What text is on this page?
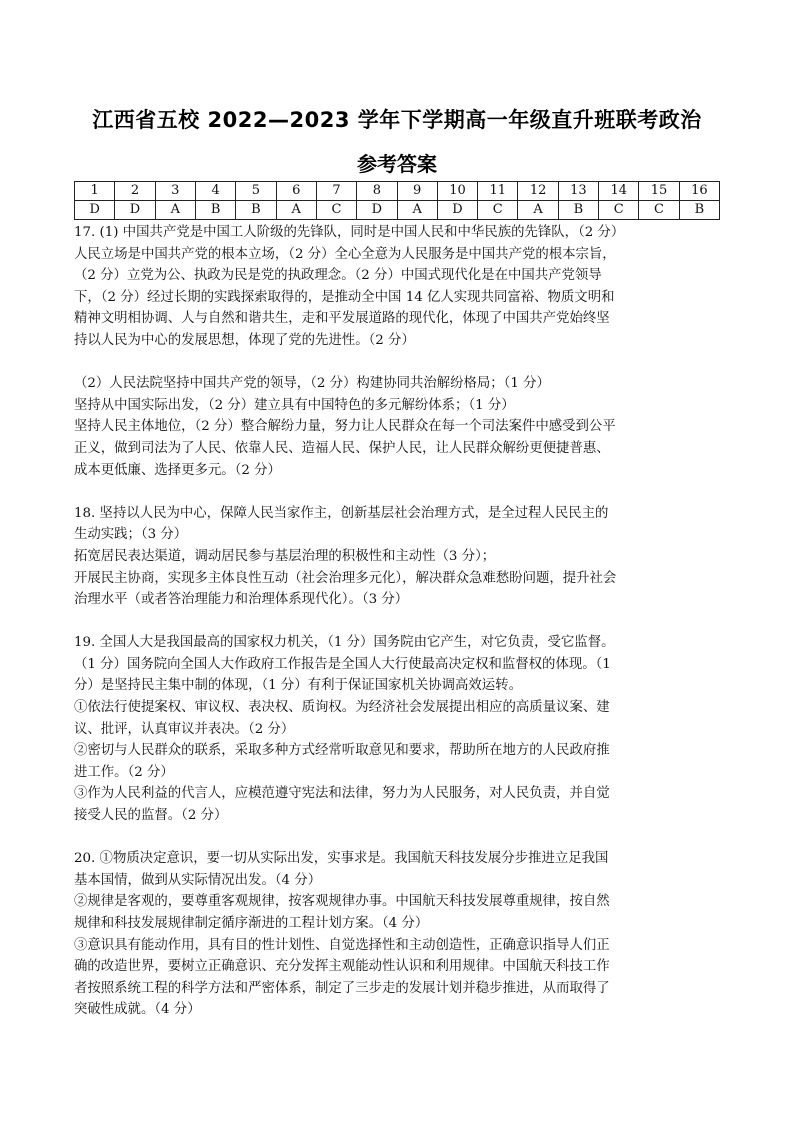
江西省五校 2022—2023 学年下学期高一年级直升班联考政治
参考答案
1	2	3	4	5	6	7	8	9	10	11	12	13	14	15	16
D	D	A	B	B	A	C	D	A	D	C	A	B	C	C	B
17. (1) 中国共产党是中国工人阶级的先锋队，同时是中国人民和中华民族的先锋队，（2 分）
人民立场是中国共产党的根本立场，（2 分）全心全意为人民服务是中国共产党的根本宗旨，
（2 分）立党为公、执政为民是党的执政理念。（2 分）中国式现代化是在中国共产党领导
下，（2 分）经过长期的实践探索取得的，是推动全中国 14 亿人实现共同富裕、物质文明和
精神文明相协调、人与自然和谐共生，走和平发展道路的现代化，体现了中国共产党始终坚
持以人民为中心的发展思想，体现了党的先进性。（2 分）
（2）人民法院坚持中国共产党的领导，（2 分）构建协同共治解纷格局；（1 分）
坚持从中国实际出发，（2 分）建立具有中国特色的多元解纷体系；（1 分）
坚持人民主体地位，（2 分）整合解纷力量，努力让人民群众在每一个司法案件中感受到公平
正义，做到司法为了人民、依靠人民、造福人民、保护人民，让人民群众解纷更便捷普惠、
成本更低廉、选择更多元。（2 分）
18. 坚持以人民为中心，保障人民当家作主，创新基层社会治理方式，是全过程人民民主的
生动实践；（3 分）
拓宽居民表达渠道，调动居民参与基层治理的积极性和主动性（3 分）；
开展民主协商，实现多主体良性互动（社会治理多元化），解决群众急难愁盼问题，提升社会
治理水平（或者答治理能力和治理体系现代化）。（3 分）
19. 全国人大是我国最高的国家权力机关，（1 分）国务院由它产生，对它负责，受它监督。
（1 分）国务院向全国人大作政府工作报告是全国人大行使最高决定权和监督权的体现。（1
分）是坚持民主集中制的体现，（1 分）有利于保证国家机关协调高效运转。
①依法行使提案权、审议权、表决权、质询权。为经济社会发展提出相应的高质量议案、建
议、批评，认真审议并表决。（2 分）
②密切与人民群众的联系，采取多种方式经常听取意见和要求，帮助所在地方的人民政府推
进工作。（2 分）
③作为人民利益的代言人，应模范遵守宪法和法律，努力为人民服务，对人民负责，并自觉
接受人民的监督。（2 分）
20. ①物质决定意识，要一切从实际出发，实事求是。我国航天科技发展分步推进立足我国
基本国情，做到从实际情况出发。（4 分）
②规律是客观的，要尊重客观规律，按客观规律办事。中国航天科技发展尊重规律，按自然
规律和科技发展规律制定循序渐进的工程计划方案。（4 分）
③意识具有能动作用，具有目的性计划性、自觉选择性和主动创造性，正确意识指导人们正
确的改造世界，要树立正确意识、充分发挥主观能动性认识和利用规律。中国航天科技工作
者按照系统工程的科学方法和严密体系，制定了三步走的发展计划并稳步推进，从而取得了
突破性成就。（4 分）
